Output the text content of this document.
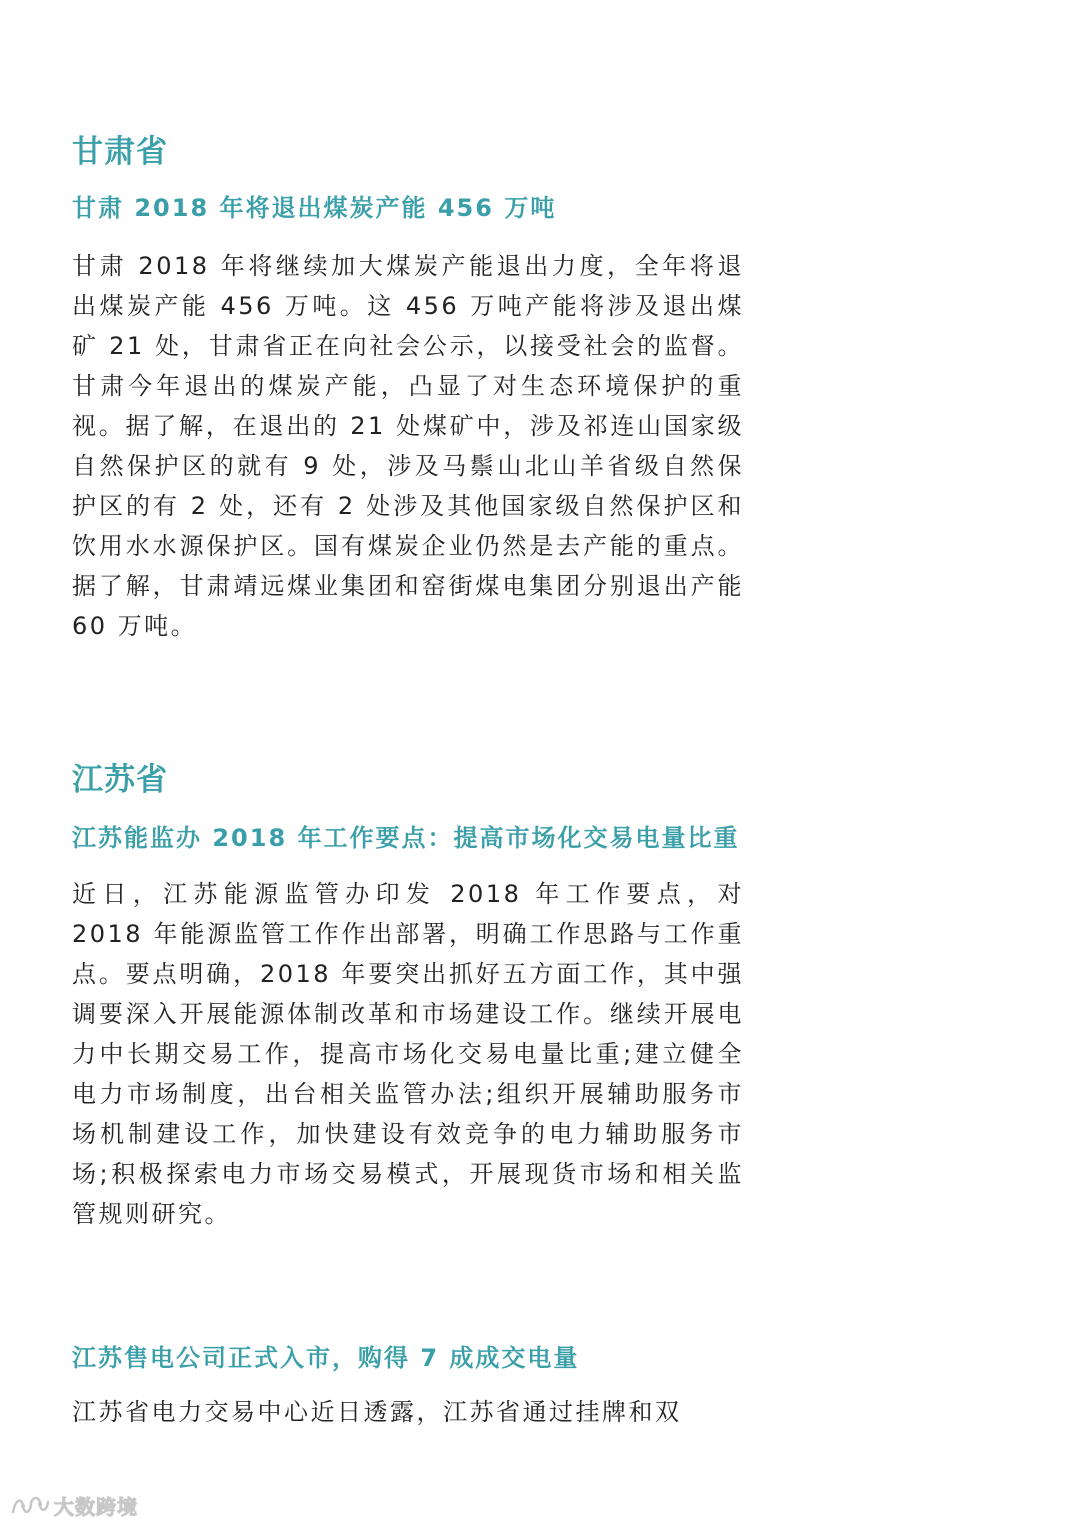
甘肃省
甘肃 2018 年将退出煤炭产能 456 万吨

甘肃 2018 年将继续加大煤炭产能退出力度，全年将退出煤炭产能 456 万吨。这 456 万吨产能将涉及退出煤矿 21 处，甘肃省正在向社会公示，以接受社会的监督。甘肃今年退出的煤炭产能，凸显了对生态环境保护的重视。据了解，在退出的 21 处煤矿中，涉及祁连山国家级自然保护区的就有 9 处，涉及马鬃山北山羊省级自然保护区的有 2 处，还有 2 处涉及其他国家级自然保护区和饮用水水源保护区。国有煤炭企业仍然是去产能的重点。据了解，甘肃靖远煤业集团和窑街煤电集团分别退出产能 60 万吨。

江苏省
江苏能监办 2018 年工作要点：提高市场化交易电量比重

近日，江苏能源监管办印发 2018 年工作要点，对 2018 年能源监管工作作出部署，明确工作思路与工作重点。要点明确，2018 年要突出抓好五方面工作，其中强调要深入开展能源体制改革和市场建设工作。继续开展电力中长期交易工作，提高市场化交易电量比重;建立健全电力市场制度，出台相关监管办法;组织开展辅助服务市场机制建设工作，加快建设有效竞争的电力辅助服务市场;积极探索电力市场交易模式，开展现货市场和相关监管规则研究。

江苏售电公司正式入市，购得 7 成成交电量

江苏省电力交易中心近日透露，江苏省通过挂牌和双

大数跨境
